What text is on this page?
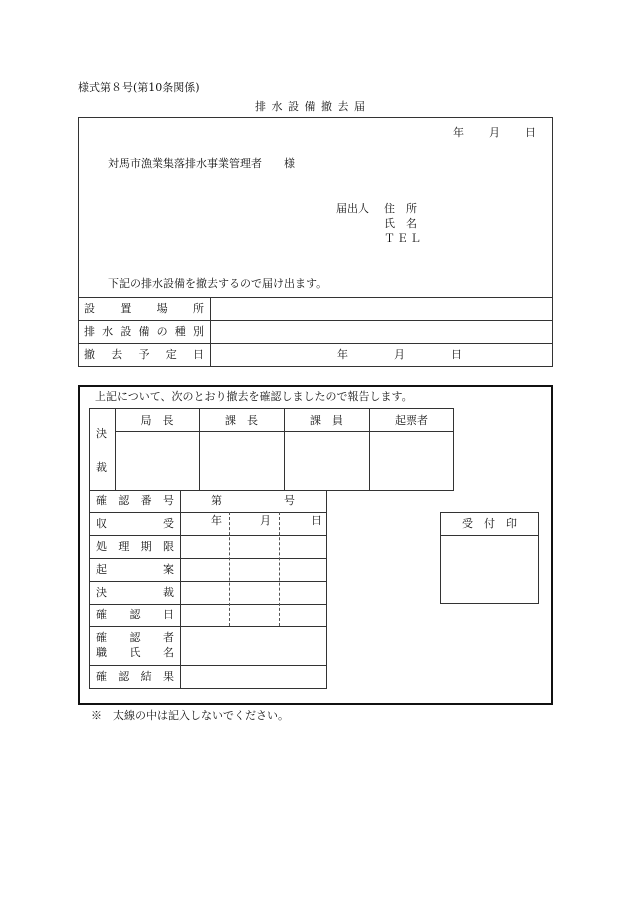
様式第８号(第10条関係)
排 水 設 備 撤 去 届
年 月 日
対馬市漁業集落排水事業管理者　　様
届出人 住　所
氏　名
ＴＥＬ
下記の排水設備を撤去するので届け出ます。
設 置 場 所
排 水 設 備 の 種 別
撤 去 予 定 日	年	月	日
上記について、次のとおり撤去を確認しましたので報告します。
決
裁
局　長	課　長	課　員	起票者
確 認 番 号	第	号
収	受	年	月	日
処 理 期 限
起	案
決	裁
確 認 日
確 認 者
職 氏 名
確 認 結 果
受　付　印
※　太線の中は記入しないでください。
